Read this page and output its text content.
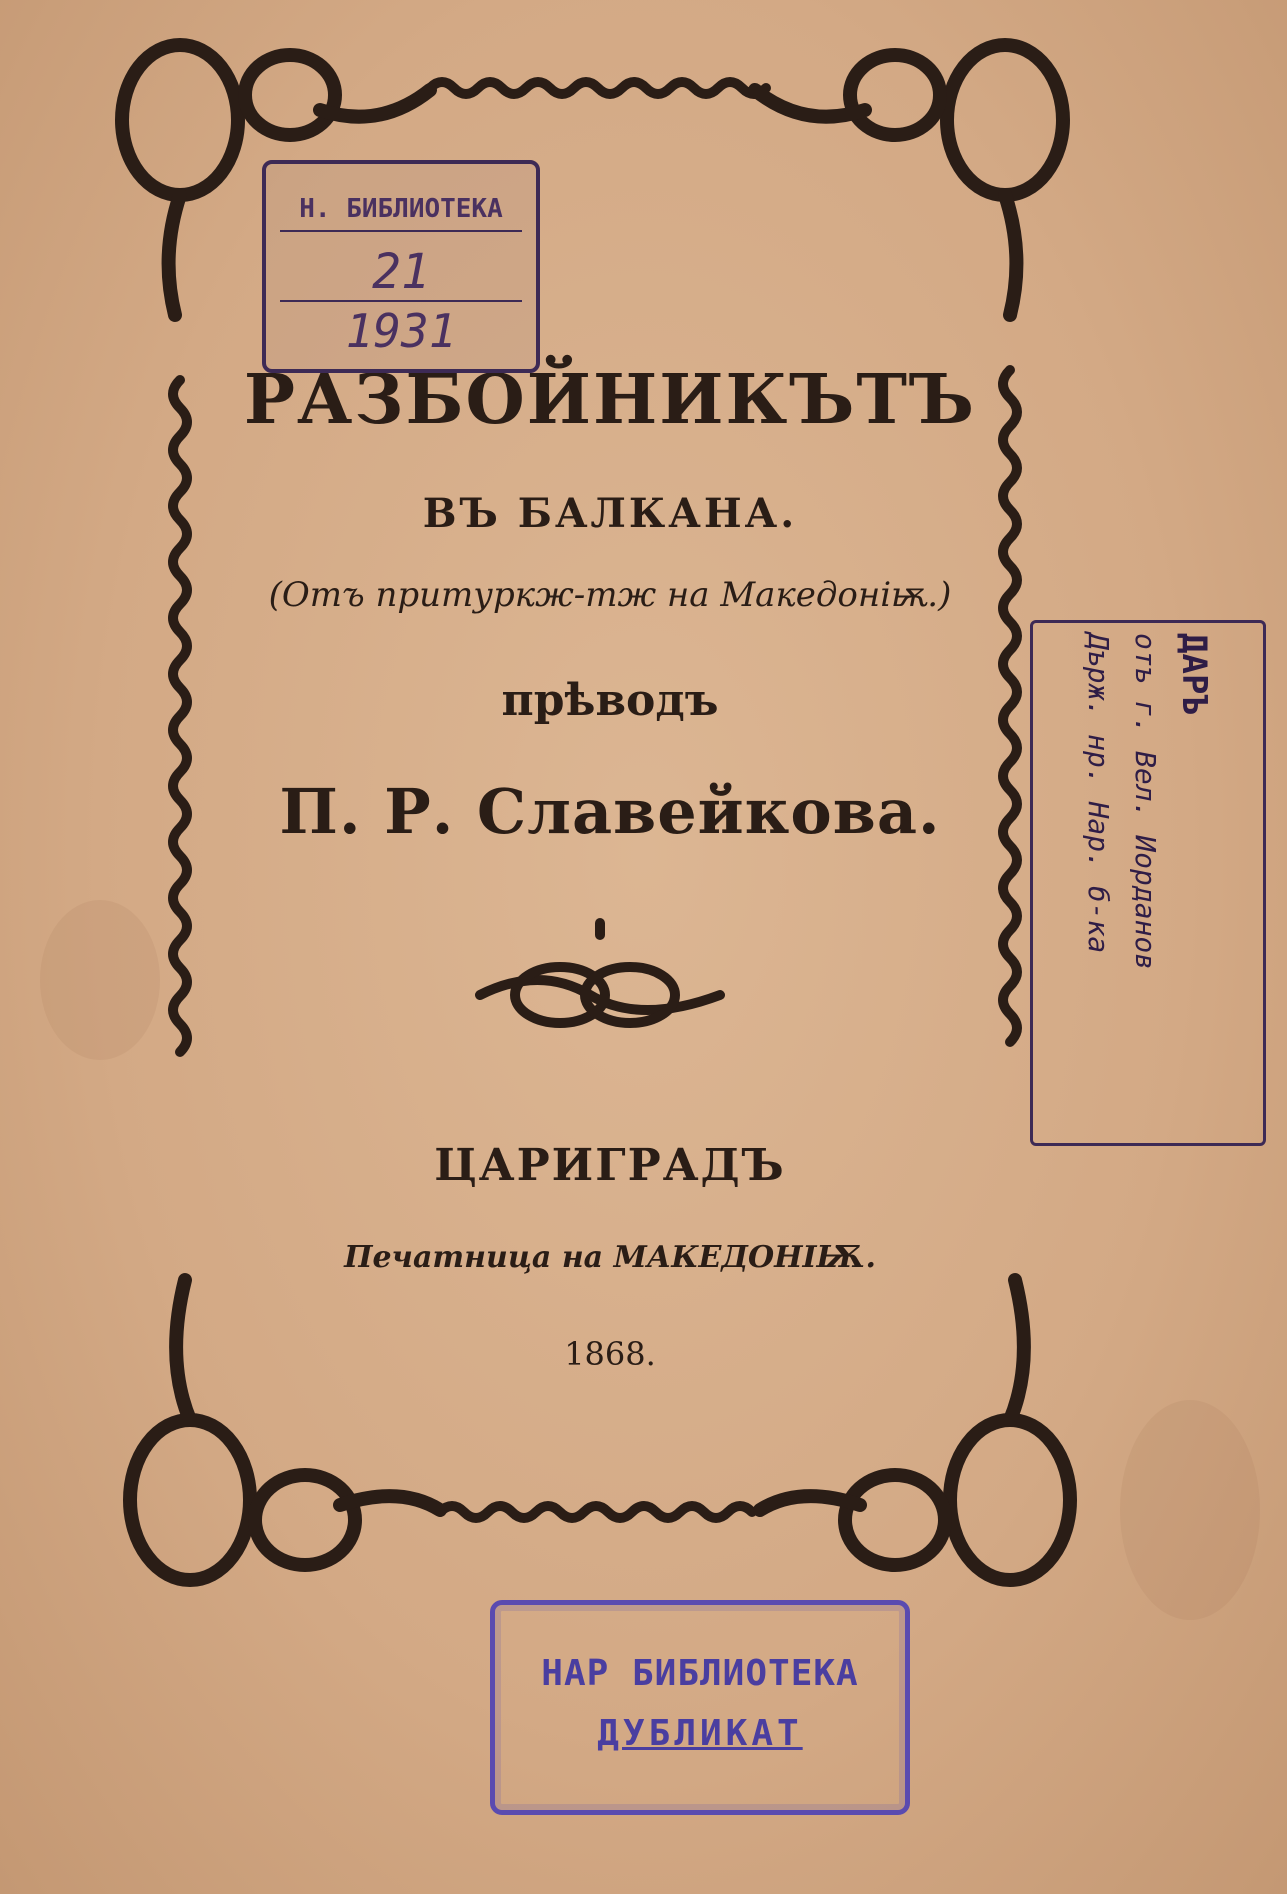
РАЗБОЙНИКЪТЪ
ВЪ БАЛКАНА.
(Отъ притуркж-тж на Македоніѭ.)
прѣводъ
П. Р. Славейкова.
ЦАРИГРАДЪ
Печатница на МАКЕДОНІѬ.
1868.
Н. БИБЛИОТЕКА
21
1931
ДАРЪ
отъ г. Вел. Иорданов
Държ. нр. Нар. б-ка
НАР БИБЛИОТЕКА
ДУБЛИКАТ
